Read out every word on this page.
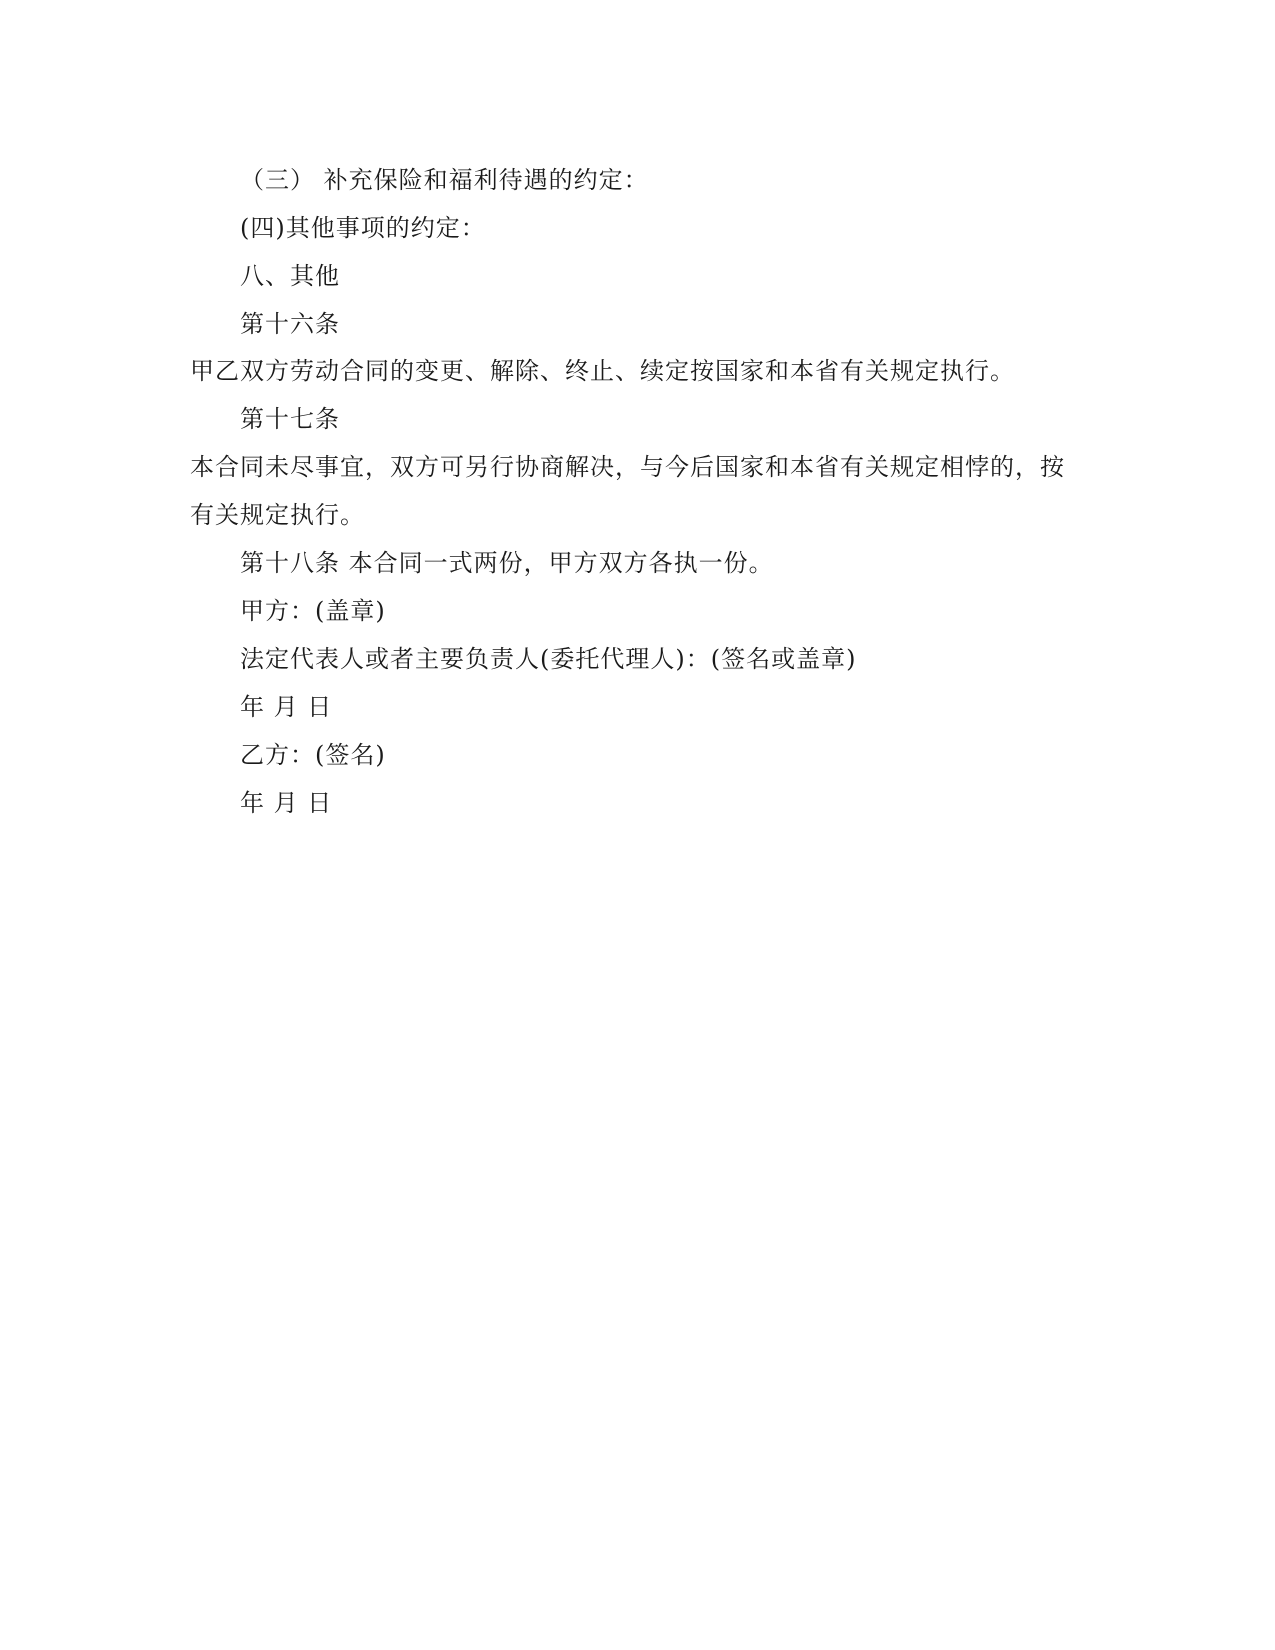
（三） 补充保险和福利待遇的约定：
(四)其他事项的约定：
八、其他
第十六条
甲乙双方劳动合同的变更、解除、终止、续定按国家和本省有关规定执行。
第十七条
本合同未尽事宜，双方可另行协商解决，与今后国家和本省有关规定相悖的，按
有关规定执行。
第十八条 本合同一式两份，甲方双方各执一份。
甲方：(盖章)
法定代表人或者主要负责人(委托代理人)：(签名或盖章)
年 月 日
乙方：(签名)
年 月 日
